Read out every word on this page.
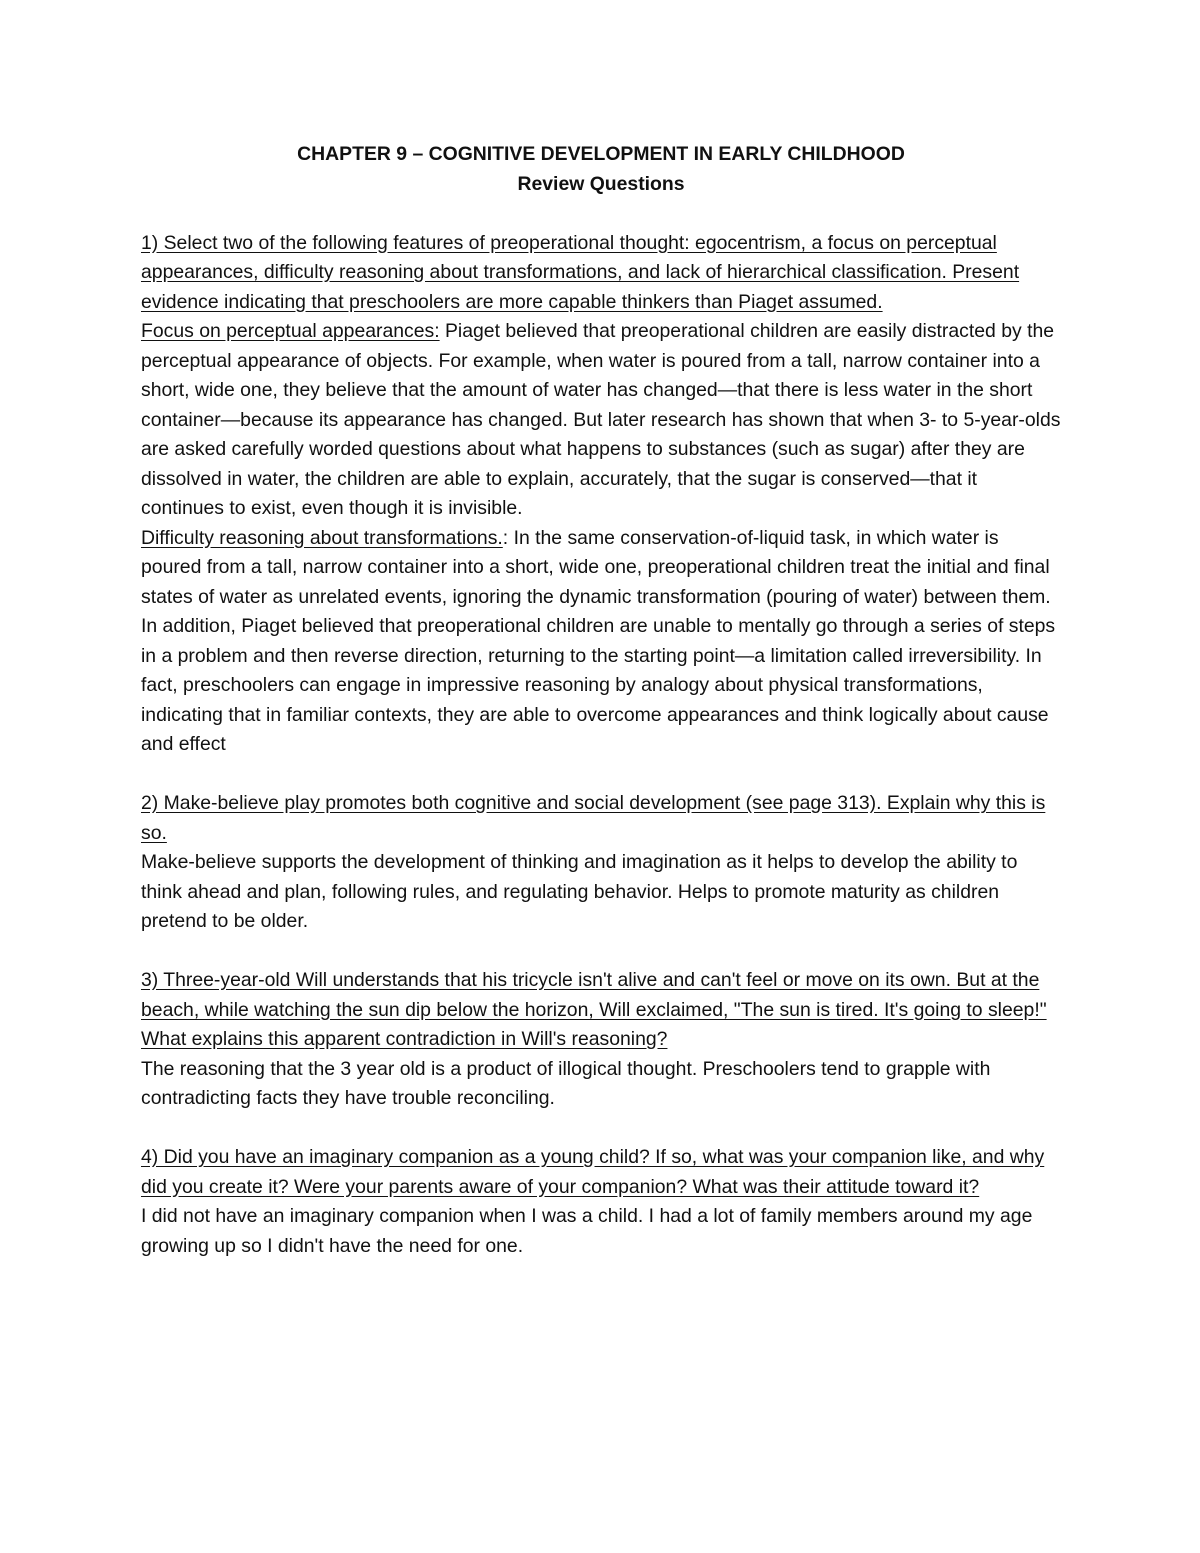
CHAPTER 9 – COGNITIVE DEVELOPMENT IN EARLY CHILDHOOD

Review Questions

1) Select two of the following features of preoperational thought: egocentrism, a focus on perceptual appearances, difficulty reasoning about transformations, and lack of hierarchical classification. Present evidence indicating that preschoolers are more capable thinkers than Piaget assumed.

Focus on perceptual appearances: Piaget believed that preoperational children are easily distracted by the perceptual appearance of objects. For example, when water is poured from a tall, narrow container into a short, wide one, they believe that the amount of water has changed—that there is less water in the short container—because its appearance has changed. But later research has shown that when 3- to 5-year-olds are asked carefully worded questions about what happens to substances (such as sugar) after they are dissolved in water, the children are able to explain, accurately, that the sugar is conserved—that it continues to exist, even though it is invisible.

Difficulty reasoning about transformations.: In the same conservation-of-liquid task, in which water is poured from a tall, narrow container into a short, wide one, preoperational children treat the initial and final states of water as unrelated events, ignoring the dynamic transformation (pouring of water) between them. In addition, Piaget believed that preoperational children are unable to mentally go through a series of steps in a problem and then reverse direction, returning to the starting point—a limitation called irreversibility. In fact, preschoolers can engage in impressive reasoning by analogy about physical transformations, indicating that in familiar contexts, they are able to overcome appearances and think logically about cause and effect

2) Make-believe play promotes both cognitive and social development (see page 313). Explain why this is so.

Make-believe supports the development of thinking and imagination as it helps to develop the ability to think ahead and plan, following rules, and regulating behavior. Helps to promote maturity as children pretend to be older.

3) Three-year-old Will understands that his tricycle isn't alive and can't feel or move on its own. But at the beach, while watching the sun dip below the horizon, Will exclaimed, "The sun is tired. It's going to sleep!" What explains this apparent contradiction in Will's reasoning?

The reasoning that the 3 year old is a product of illogical thought. Preschoolers tend to grapple with contradicting facts they have trouble reconciling.

4) Did you have an imaginary companion as a young child? If so, what was your companion like, and why did you create it? Were your parents aware of your companion? What was their attitude toward it?

I did not have an imaginary companion when I was a child. I had a lot of family members around my age growing up so I didn't have the need for one.
